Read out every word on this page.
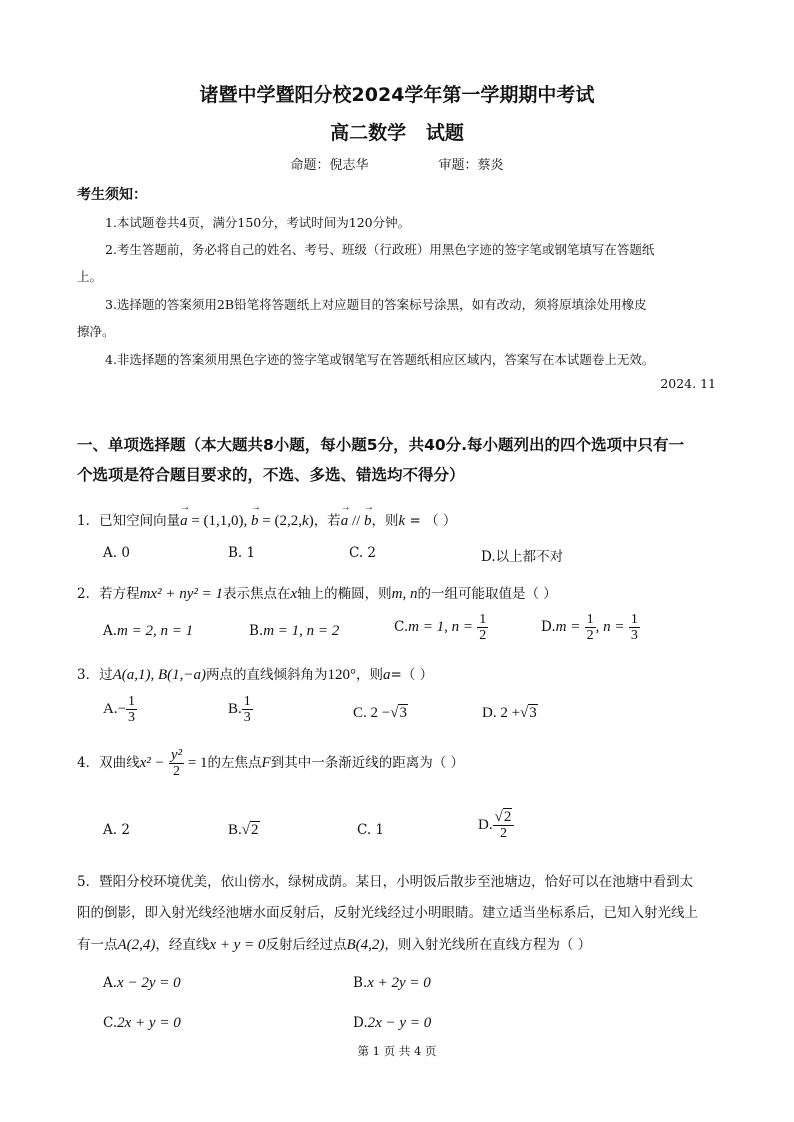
诸暨中学暨阳分校2024学年第一学期期中考试
高二数学   试题
命题：倪志华	审题：蔡炎
考生须知：
1.本试题卷共4页，满分150分，考试时间为120分钟。
2.考生答题前，务必将自己的姓名、考号、班级（行政班）用黑色字迹的签字笔或钢笔填写在答题纸
上。
3.选择题的答案须用2B铅笔将答题纸上对应题目的答案标号涂黑，如有改动，须将原填涂处用橡皮
擦净。
4.非选择题的答案须用黑色字迹的签字笔或钢笔写在答题纸相应区域内，答案写在本试题卷上无效。
2024. 11
一、单项选择题（本大题共8小题，每小题5分，共40分.每小题列出的四个选项中只有一
个选项是符合题目要求的，不选、多选、错选均不得分）
1．已知空间向量→ a = (1,1,0), → b = (2,2,k)，若→ a // → b，则k = （ ）
A. 0	B. 1	C. 2	D.以上都不对
2．若方程mx² + ny² = 1表示焦点在x轴上的椭圆，则m, n的一组可能取值是（ ）
A.m = 2, n = 1	B.m = 1, n = 2	C.m = 1, $n = \frac{1}{2}$	$D.m = \frac{1}{2}$ , $n = \frac{1}{3}$
3．过A(a,1), B(1,−a)两点的直线倾斜角为120°，则a=（ ）
$A.- \frac{1}{3}$	B. $\frac{1}{3}$	C. 2 −√3	D. 2 +√3
4．双曲线$x^2 - \frac{\text{y²}}{2} = 1$的左焦点F到其中一条渐近线的距离为（ ）
A. 2	B.√2	C. 1	D. $\frac{√2}{2}$
5．暨阳分校环境优美，依山傍水，绿树成荫。某日，小明饭后散步至池塘边，恰好可以在池塘中看到太
阳的倒影，即入射光线经池塘水面反射后，反射光线经过小明眼睛。建立适当坐标系后，已知入射光线上
有一点A(2,4)，经直线x + y = 0反射后经过点B(4,2)，则入射光线所在直线方程为（ ）
A.x − 2y = 0	B.x + 2y = 0
C.2x + y = 0	D.2x − y = 0
第 1 页 共 4 页
